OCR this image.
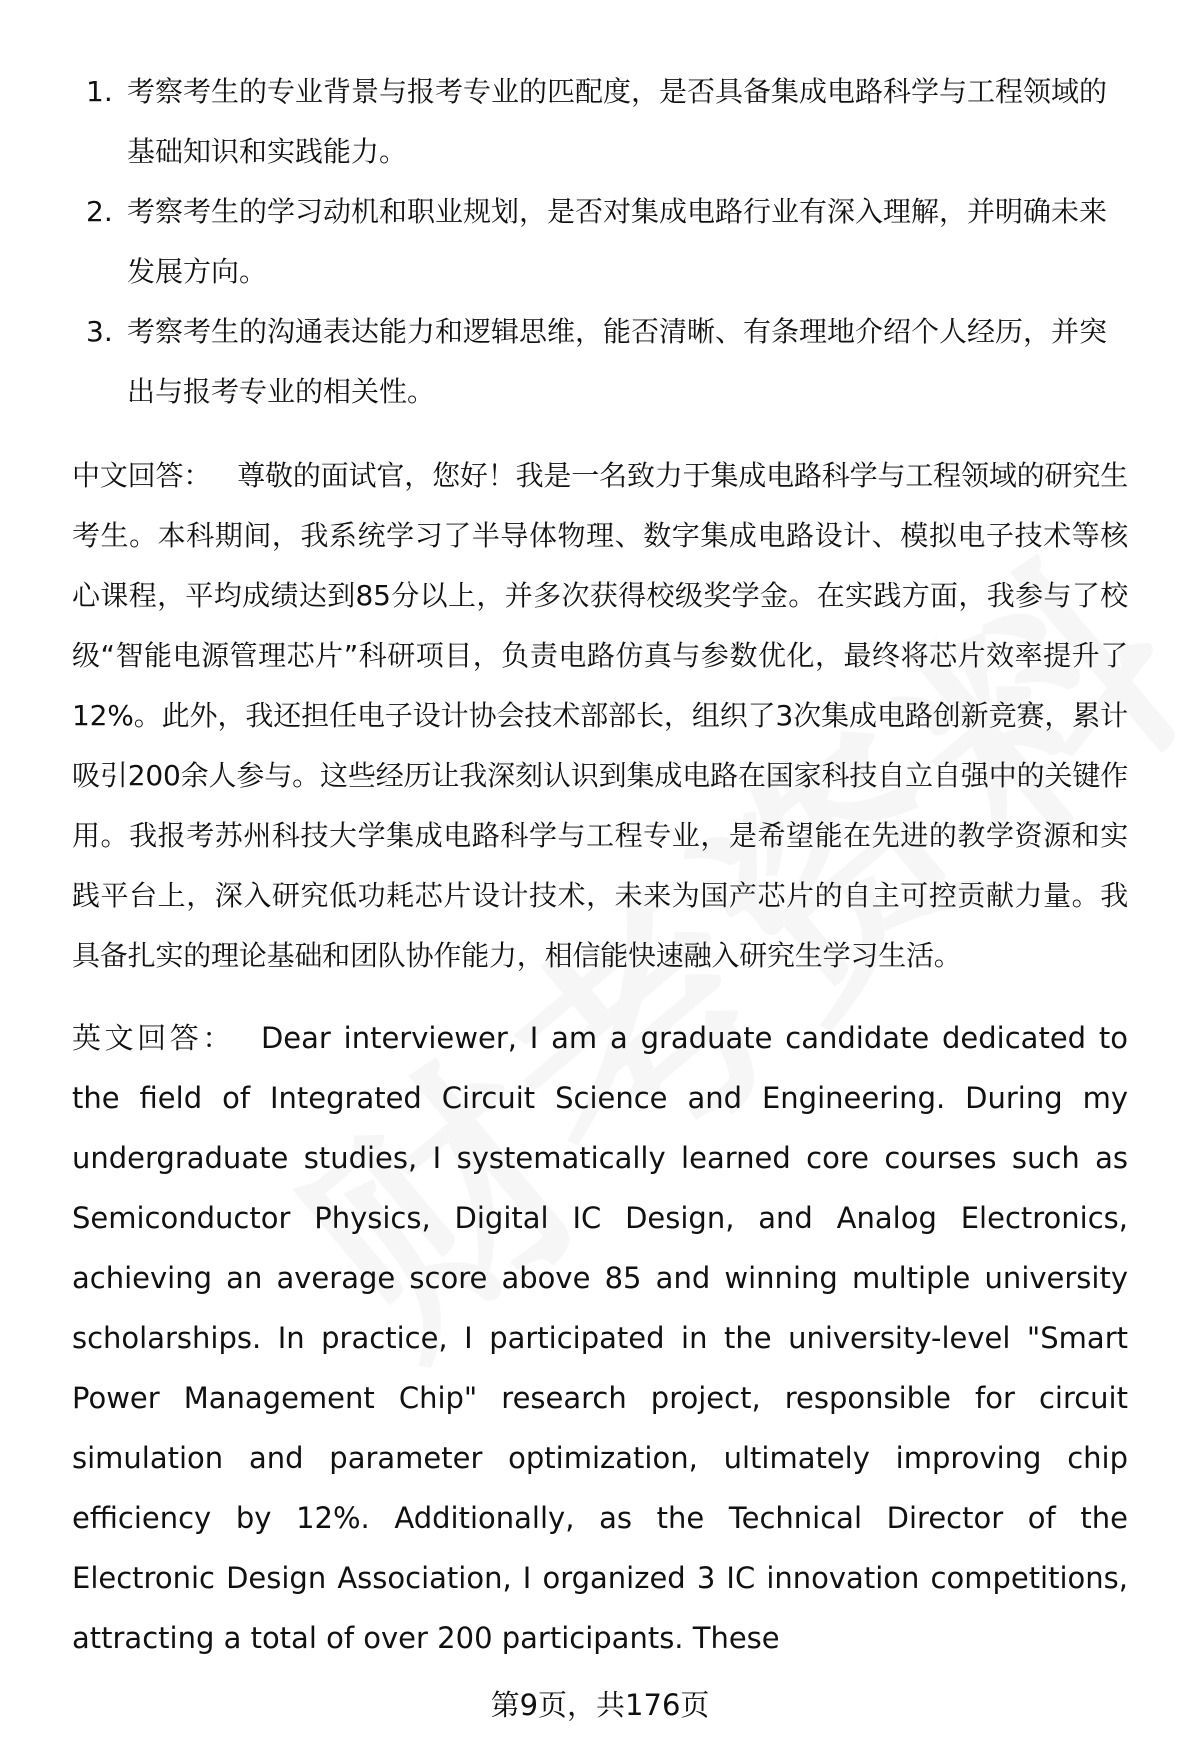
1. 考察考生的专业背景与报考专业的匹配度，是否具备集成电路科学与工程领域的基础知识和实践能力。
2. 考察考生的学习动机和职业规划，是否对集成电路行业有深入理解，并明确未来发展方向。
3. 考察考生的沟通表达能力和逻辑思维，能否清晰、有条理地介绍个人经历，并突出与报考专业的相关性。

中文回答： 尊敬的面试官，您好！我是一名致力于集成电路科学与工程领域的研究生考生。本科期间，我系统学习了半导体物理、数字集成电路设计、模拟电子技术等核心课程，平均成绩达到85分以上，并多次获得校级奖学金。在实践方面，我参与了校级“智能电源管理芯片”科研项目，负责电路仿真与参数优化，最终将芯片效率提升了12%。此外，我还担任电子设计协会技术部部长，组织了3次集成电路创新竞赛，累计吸引200余人参与。这些经历让我深刻认识到集成电路在国家科技自立自强中的关键作用。我报考苏州科技大学集成电路科学与工程专业，是希望能在先进的教学资源和实践平台上，深入研究低功耗芯片设计技术，未来为国产芯片的自主可控贡献力量。我具备扎实的理论基础和团队协作能力，相信能快速融入研究生学习生活。

英文回答： Dear interviewer, I am a graduate candidate dedicated to the field of Integrated Circuit Science and Engineering. During my undergraduate studies, I systematically learned core courses such as Semiconductor Physics, Digital IC Design, and Analog Electronics, achieving an average score above 85 and winning multiple university scholarships. In practice, I participated in the university-level "Smart Power Management Chip" research project, responsible for circuit simulation and parameter optimization, ultimately improving chip efficiency by 12%. Additionally, as the Technical Director of the Electronic Design Association, I organized 3 IC innovation competitions, attracting a total of over 200 participants. These

第9页，共176页
